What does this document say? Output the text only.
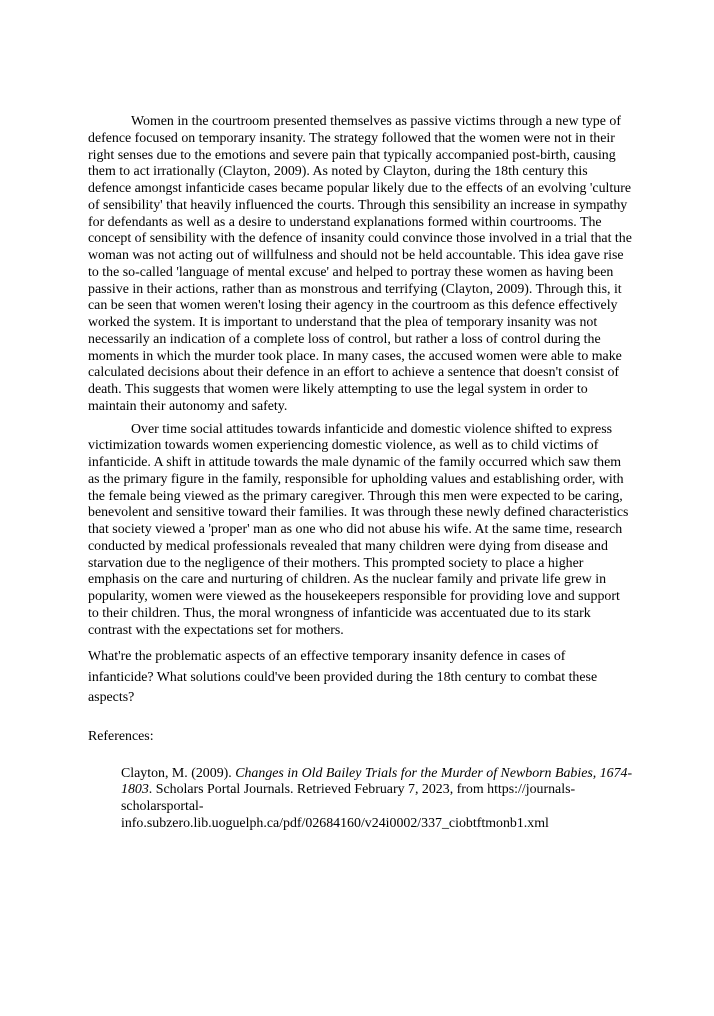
Women in the courtroom presented themselves as passive victims through a new type of defence focused on temporary insanity. The strategy followed that the women were not in their right senses due to the emotions and severe pain that typically accompanied post-birth, causing them to act irrationally (Clayton, 2009). As noted by Clayton, during the 18th century this defence amongst infanticide cases became popular likely due to the effects of an evolving 'culture of sensibility' that heavily influenced the courts. Through this sensibility an increase in sympathy for defendants as well as a desire to understand explanations formed within courtrooms. The concept of sensibility with the defence of insanity could convince those involved in a trial that the woman was not acting out of willfulness and should not be held accountable. This idea gave rise to the so-called 'language of mental excuse' and helped to portray these women as having been passive in their actions, rather than as monstrous and terrifying (Clayton, 2009). Through this, it can be seen that women weren't losing their agency in the courtroom as this defence effectively worked the system. It is important to understand that the plea of temporary insanity was not necessarily an indication of a complete loss of control, but rather a loss of control during the moments in which the murder took place. In many cases, the accused women were able to make calculated decisions about their defence in an effort to achieve a sentence that doesn't consist of death. This suggests that women were likely attempting to use the legal system in order to maintain their autonomy and safety.

Over time social attitudes towards infanticide and domestic violence shifted to express victimization towards women experiencing domestic violence, as well as to child victims of infanticide. A shift in attitude towards the male dynamic of the family occurred which saw them as the primary figure in the family, responsible for upholding values and establishing order, with the female being viewed as the primary caregiver. Through this men were expected to be caring, benevolent and sensitive toward their families. It was through these newly defined characteristics that society viewed a 'proper' man as one who did not abuse his wife. At the same time, research conducted by medical professionals revealed that many children were dying from disease and starvation due to the negligence of their mothers. This prompted society to place a higher emphasis on the care and nurturing of children. As the nuclear family and private life grew in popularity, women were viewed as the housekeepers responsible for providing love and support to their children. Thus, the moral wrongness of infanticide was accentuated due to its stark contrast with the expectations set for mothers.

What're the problematic aspects of an effective temporary insanity defence in cases of infanticide? What solutions could've been provided during the 18th century to combat these aspects?

References:

Clayton, M. (2009). Changes in Old Bailey Trials for the Murder of Newborn Babies, 1674-1803. Scholars Portal Journals. Retrieved February 7, 2023, from https://journals-
scholarsportal-
info.subzero.lib.uoguelph.ca/pdf/02684160/v24i0002/337_ciobtftmonb1.xml
